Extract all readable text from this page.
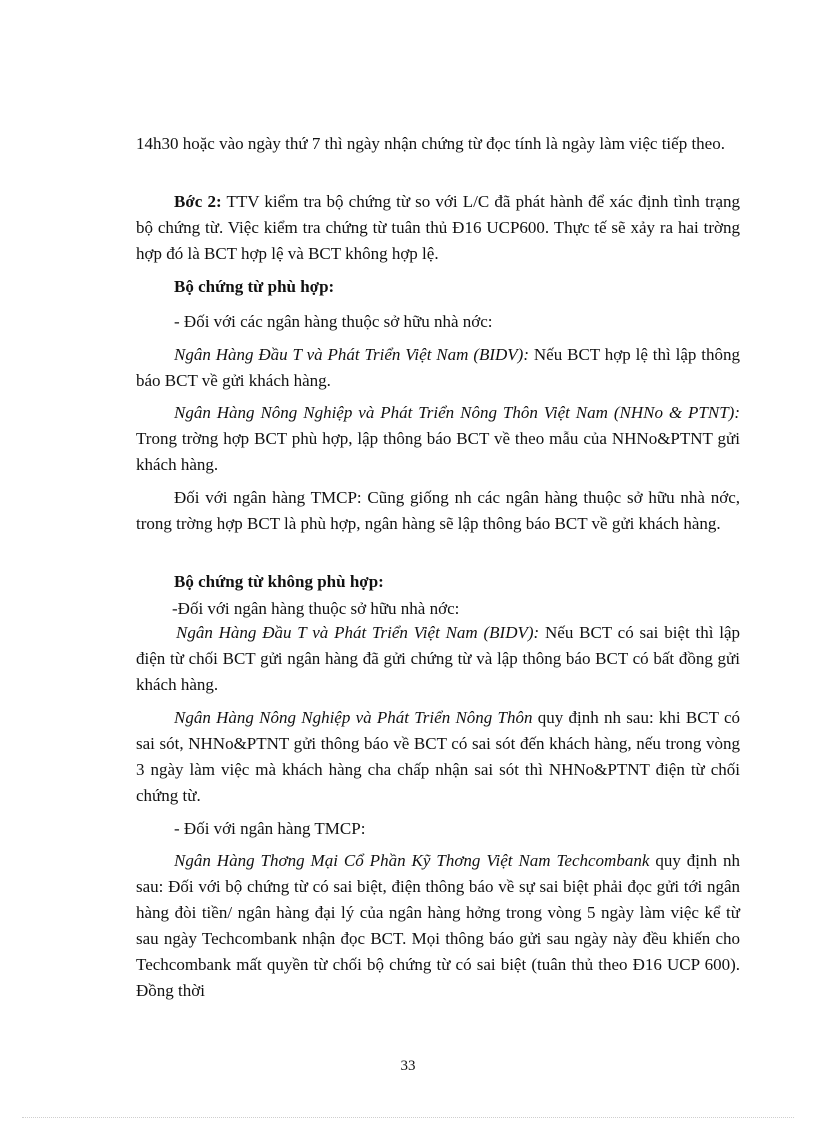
14h30 hoặc vào ngày thứ 7 thì ngày nhận chứng từ đọc tính là ngày làm việc tiếp theo.

Bớc 2: TTV kiểm tra bộ chứng từ so với L/C đã phát hành để xác định tình trạng bộ chứng từ. Việc kiểm tra chứng từ tuân thủ Đ16 UCP600. Thực tế sẽ xảy ra hai trờng hợp đó là BCT hợp lệ và BCT không hợp lệ.

Bộ chứng từ phù hợp:

- Đối với các ngân hàng thuộc sở hữu nhà nớc:

Ngân Hàng Đầu T và Phát Triển Việt Nam (BIDV): Nếu BCT hợp lệ thì lập thông báo BCT về gửi khách hàng.

Ngân Hàng Nông Nghiệp và Phát Triển Nông Thôn Việt Nam (NHNo & PTNT): Trong trờng hợp BCT phù hợp, lập thông báo BCT về theo mẫu của NHNo&PTNT gửi khách hàng.

Đối với ngân hàng TMCP: Cũng giống nh các ngân hàng thuộc sở hữu nhà nớc, trong trờng hợp BCT là phù hợp, ngân hàng sẽ lập thông báo BCT về gửi khách hàng.

Bộ chứng từ không phù hợp:

-Đối với ngân hàng thuộc sở hữu nhà nớc:

Ngân Hàng Đầu T và Phát Triển Việt Nam (BIDV): Nếu BCT có sai biệt thì lập điện từ chối BCT gửi ngân hàng đã gửi chứng từ và lập thông báo BCT có bất đồng gửi khách hàng.

Ngân Hàng Nông Nghiệp và Phát Triển Nông Thôn quy định nh sau: khi BCT có sai sót, NHNo&PTNT gửi thông báo về BCT có sai sót đến khách hàng, nếu trong vòng 3 ngày làm việc mà khách hàng cha chấp nhận sai sót thì NHNo&PTNT điện từ chối chứng từ.

- Đối với ngân hàng TMCP:

Ngân Hàng Thơng Mại Cổ Phần Kỹ Thơng Việt Nam Techcombank quy định nh sau: Đối với bộ chứng từ có sai biệt, điện thông báo về sự sai biệt phải đọc gửi tới ngân hàng đòi tiền/ ngân hàng đại lý của ngân hàng hởng trong vòng 5 ngày làm việc kể từ sau ngày Techcombank nhận đọc BCT. Mọi thông báo gửi sau ngày này đều khiến cho Techcombank mất quyền từ chối bộ chứng từ có sai biệt (tuân thủ theo Đ16 UCP 600). Đồng thời

33
